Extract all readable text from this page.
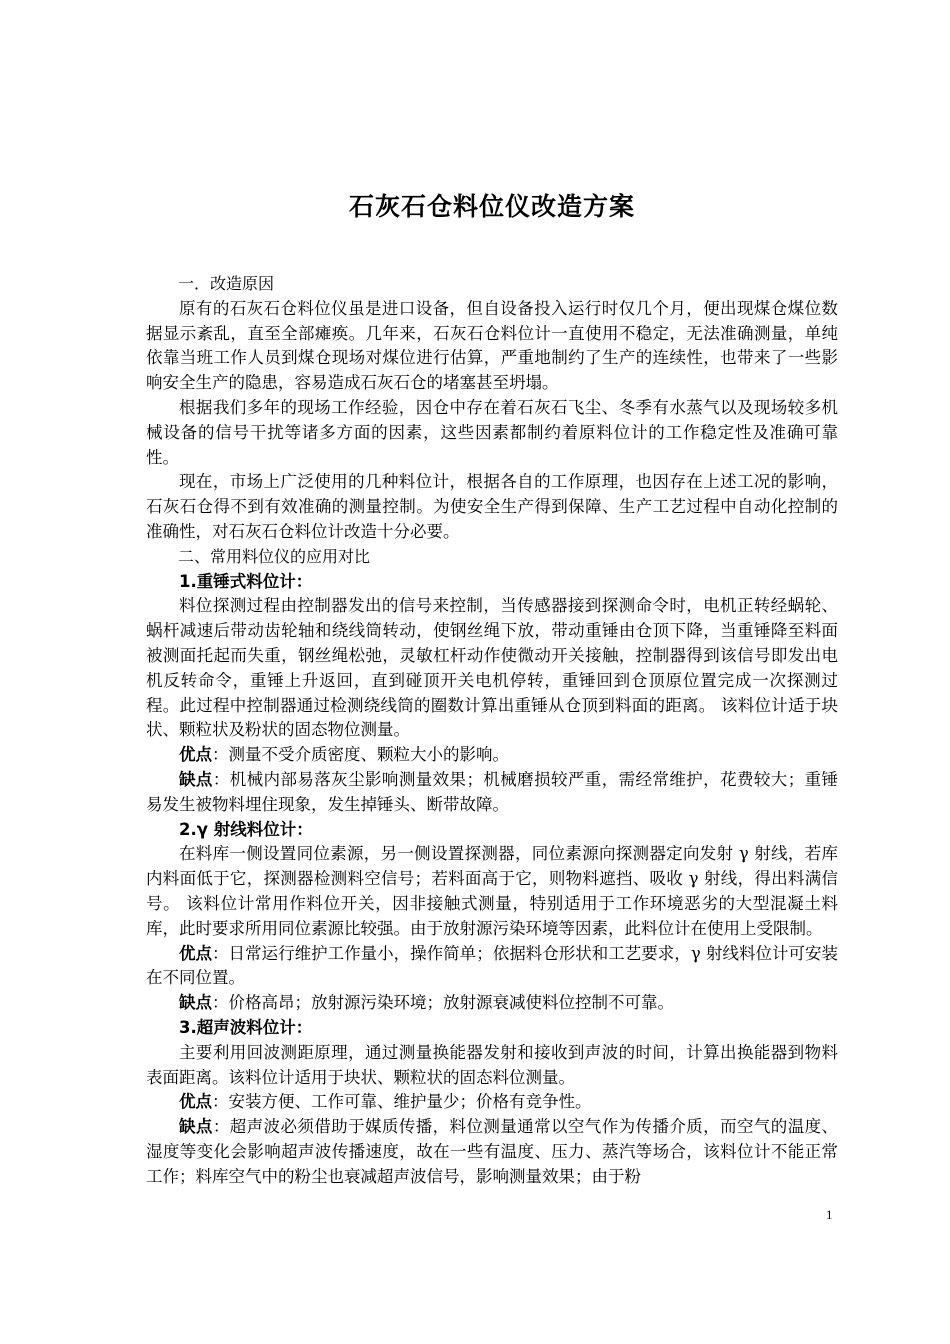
石灰石仓料位仪改造方案

一．改造原因

原有的石灰石仓料位仪虽是进口设备，但自设备投入运行时仅几个月，便出现煤仓煤位数据显示紊乱，直至全部瘫痪。几年来，石灰石仓料位计一直使用不稳定，无法准确测量，单纯依靠当班工作人员到煤仓现场对煤位进行估算，严重地制约了生产的连续性，也带来了一些影响安全生产的隐患，容易造成石灰石仓的堵塞甚至坍塌。

根据我们多年的现场工作经验，因仓中存在着石灰石飞尘、冬季有水蒸气以及现场较多机械设备的信号干扰等诸多方面的因素，这些因素都制约着原料位计的工作稳定性及准确可靠性。

现在，市场上广泛使用的几种料位计，根据各自的工作原理，也因存在上述工况的影响，石灰石仓得不到有效准确的测量控制。为使安全生产得到保障、生产工艺过程中自动化控制的准确性，对石灰石仓料位计改造十分必要。

二、常用料位仪的应用对比

1.重锤式料位计：

料位探测过程由控制器发出的信号来控制，当传感器接到探测命令时，电机正转经蜗轮、蜗杆减速后带动齿轮轴和绕线筒转动，使钢丝绳下放，带动重锤由仓顶下降，当重锤降至料面被测面托起而失重，钢丝绳松弛，灵敏杠杆动作使微动开关接触，控制器得到该信号即发出电机反转命令，重锤上升返回，直到碰顶开关电机停转，重锤回到仓顶原位置完成一次探测过程。此过程中控制器通过检测绕线筒的圈数计算出重锤从仓顶到料面的距离。 该料位计适于块状、颗粒状及粉状的固态物位测量。

优点：测量不受介质密度、颗粒大小的影响。

缺点：机械内部易落灰尘影响测量效果；机械磨损较严重，需经常维护，花费较大；重锤易发生被物料埋住现象，发生掉锤头、断带故障。

2.γ 射线料位计：

在料库一侧设置同位素源，另一侧设置探测器，同位素源向探测器定向发射 γ 射线，若库内料面低于它，探测器检测料空信号；若料面高于它，则物料遮挡、吸收 γ 射线，得出料满信号。 该料位计常用作料位开关，因非接触式测量，特别适用于工作环境恶劣的大型混凝土料库，此时要求所用同位素源比较强。由于放射源污染环境等因素，此料位计在使用上受限制。

优点：日常运行维护工作量小，操作简单；依据料仓形状和工艺要求，γ 射线料位计可安装在不同位置。

缺点：价格高昂；放射源污染环境；放射源衰减使料位控制不可靠。

3.超声波料位计：

主要利用回波测距原理，通过测量换能器发射和接收到声波的时间，计算出换能器到物料表面距离。该料位计适用于块状、颗粒状的固态料位测量。

优点：安装方便、工作可靠、维护量少；价格有竞争性。

缺点：超声波必须借助于媒质传播，料位测量通常以空气作为传播介质，而空气的温度、湿度等变化会影响超声波传播速度，故在一些有温度、压力、蒸汽等场合，该料位计不能正常工作；料库空气中的粉尘也衰减超声波信号，影响测量效果；由于粉

1
